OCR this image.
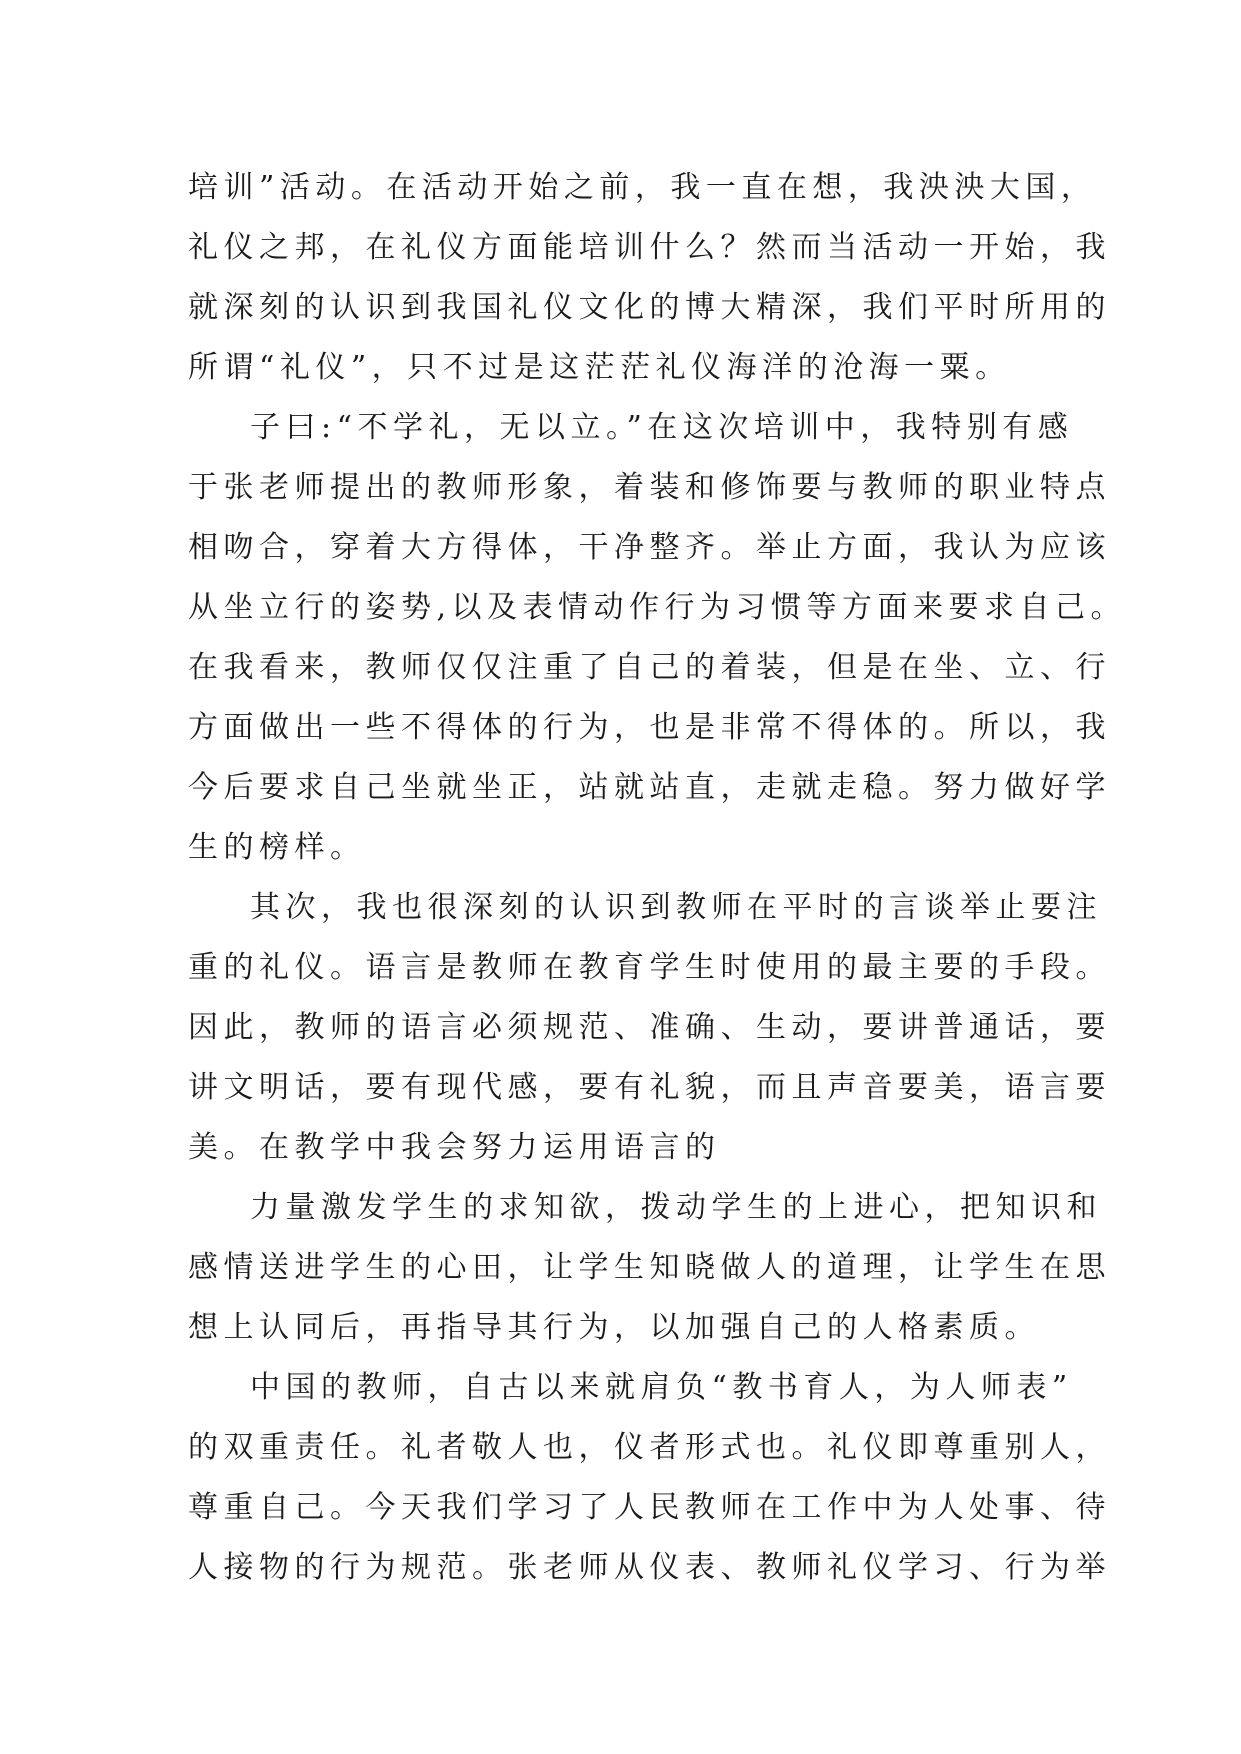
培训”活动。在活动开始之前，我一直在想，我泱泱大国，
礼仪之邦，在礼仪方面能培训什么？然而当活动一开始，我
就深刻的认识到我国礼仪文化的博大精深，我们平时所用的
所谓“礼仪”，只不过是这茫茫礼仪海洋的沧海一粟。
子曰:“不学礼，无以立。”在这次培训中，我特别有感
于张老师提出的教师形象，着装和修饰要与教师的职业特点
相吻合，穿着大方得体，干净整齐。举止方面，我认为应该
从坐立行的姿势,以及表情动作行为习惯等方面来要求自己。
在我看来，教师仅仅注重了自己的着装，但是在坐、立、行
方面做出一些不得体的行为，也是非常不得体的。所以，我
今后要求自己坐就坐正，站就站直，走就走稳。努力做好学
生的榜样。
其次，我也很深刻的认识到教师在平时的言谈举止要注
重的礼仪。语言是教师在教育学生时使用的最主要的手段。
因此，教师的语言必须规范、准确、生动，要讲普通话，要
讲文明话，要有现代感，要有礼貌，而且声音要美，语言要
美。在教学中我会努力运用语言的
力量激发学生的求知欲，拨动学生的上进心，把知识和
感情送进学生的心田，让学生知晓做人的道理，让学生在思
想上认同后，再指导其行为，以加强自己的人格素质。
中国的教师，自古以来就肩负“教书育人，为人师表”
的双重责任。礼者敬人也，仪者形式也。礼仪即尊重别人，
尊重自己。今天我们学习了人民教师在工作中为人处事、待
人接物的行为规范。张老师从仪表、教师礼仪学习、行为举
